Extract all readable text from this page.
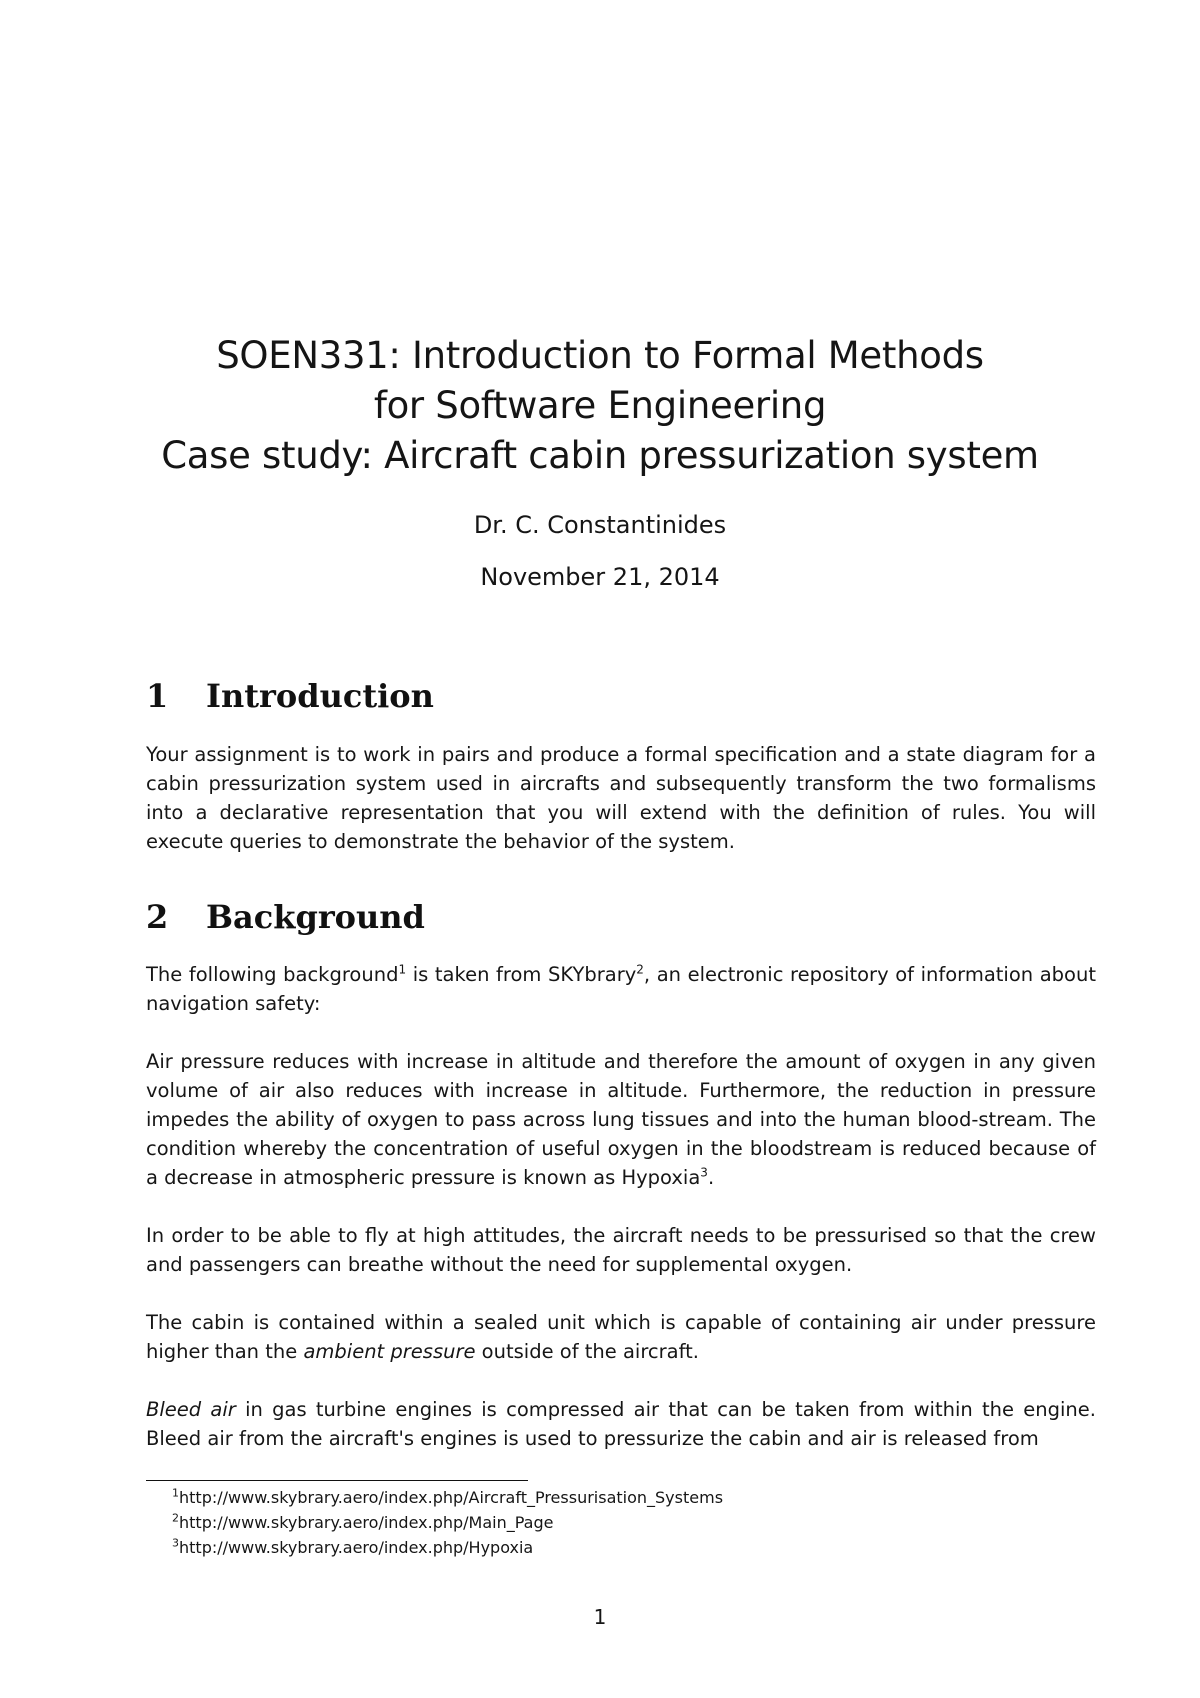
SOEN331: Introduction to Formal Methods
for Software Engineering
Case study: Aircraft cabin pressurization system
Dr. C. Constantinides
November 21, 2014
1 Introduction
Your assignment is to work in pairs and produce a formal specification and a state diagram for a cabin pressurization system used in aircrafts and subsequently transform the two formalisms into a declarative representation that you will extend with the definition of rules. You will execute queries to demonstrate the behavior of the system.
2 Background
The following background$^1$ is taken from SKYbrary$^2$, an electronic repository of information about navigation safety:
Air pressure reduces with increase in altitude and therefore the amount of oxygen in any given volume of air also reduces with increase in altitude. Furthermore, the reduction in pressure impedes the ability of oxygen to pass across lung tissues and into the human blood-stream. The condition whereby the concentration of useful oxygen in the bloodstream is reduced because of a decrease in atmospheric pressure is known as Hypoxia$^3$.
In order to be able to fly at high attitudes, the aircraft needs to be pressurised so that the crew and passengers can breathe without the need for supplemental oxygen.
The cabin is contained within a sealed unit which is capable of containing air under pressure higher than the ambient pressure outside of the aircraft.
Bleed air in gas turbine engines is compressed air that can be taken from within the engine. Bleed air from the aircraft's engines is used to pressurize the cabin and air is released from
$^1$http://www.skybrary.aero/index.php/Aircraft_Pressurisation_Systems
$^2$http://www.skybrary.aero/index.php/Main_Page
$^3$http://www.skybrary.aero/index.php/Hypoxia
1
